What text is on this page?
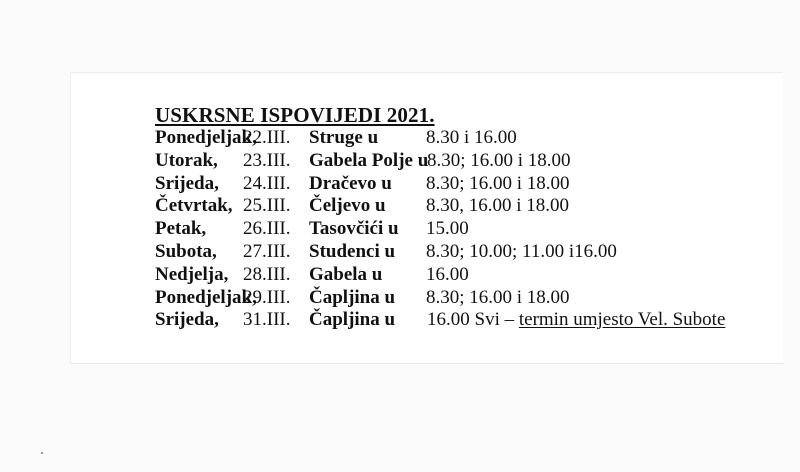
USKRSNE ISPOVIJEDI 2021.
Ponedjeljak,
22.III. Struge u	8.30 i 16.00
Utorak, 23.III. Gabela Polje u
8.30; 16.00 i 18.00
Srijeda, 24.III. Dračevo u 8.30; 16.00 i 18.00
Četvrtak, 25.III. Čeljevo u 8.30, 16.00 i 18.00
Petak, 26.III. Tasovčići u 15.00
Subota, 27.III. Studenci u 8.30; 10.00; 11.00 i16.00
Nedjelja, 28.III. Gabela u 16.00
Ponedjeljak,
29.III. Čapljina u 8.30; 16.00 i 18.00
Srijeda, 31.III. Čapljina u 16.00 Svi – termin umjesto Vel. Subote
